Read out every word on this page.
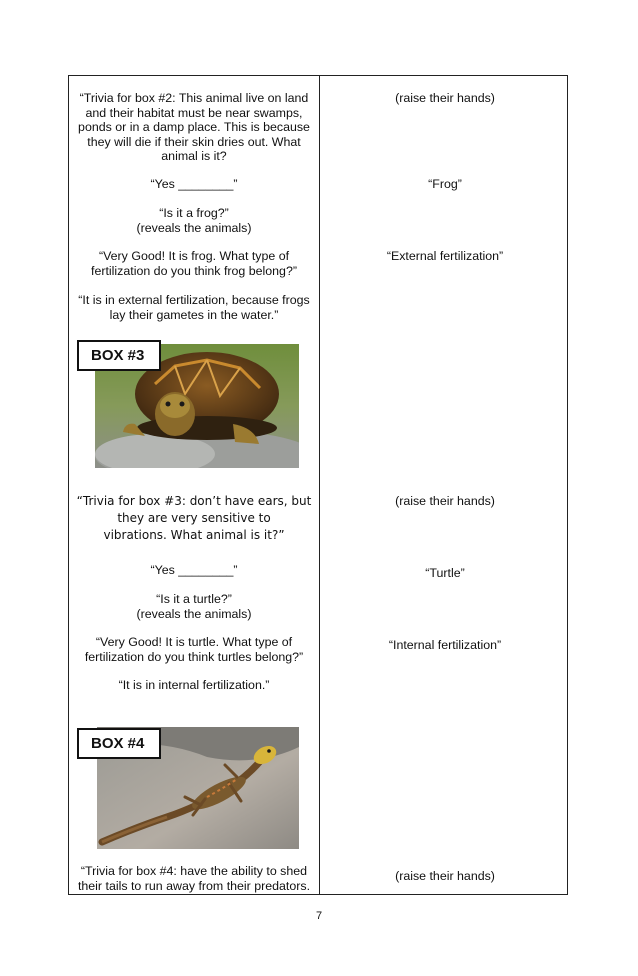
“Trivia for box #2: This animal live on land
and their habitat must be near swamps,
ponds or in a damp place. This is because
they will die if their skin dries out. What
animal is it?
(raise their hands)
“Yes ________”	“Frog”
“Is it a frog?”
(reveals the animals)
“Very Good! It is frog. What type of
fertilization do you think frog belong?”
“External fertilization”
“It is in external fertilization, because frogs
lay their gametes in the water.”
BOX #3
“Trivia for box #3: don’t have ears, but
they are very sensitive to
vibrations. What animal is it?”
(raise their hands)
“Yes ________”	“Turtle”
“Is it a turtle?”
(reveals the animals)
“Very Good! It is turtle. What type of
fertilization do you think turtles belong?”
“Internal fertilization”
“It is in internal fertilization.”
BOX #4
“Trivia for box #4: have the ability to shed
their tails to run away from their predators.
(raise their hands)
7
